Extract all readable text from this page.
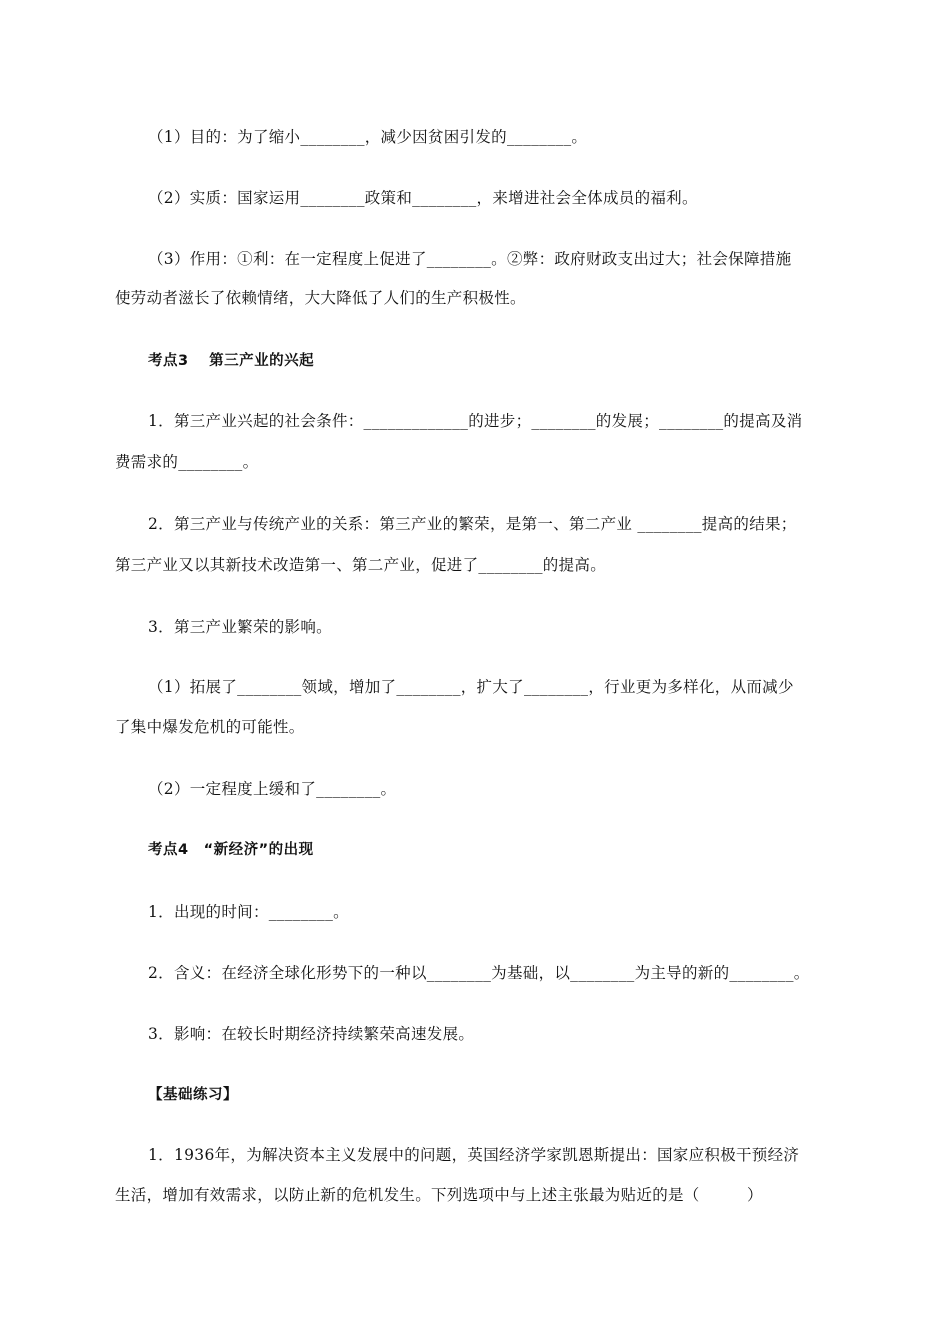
（1）目的：为了缩小________，减少因贫困引发的________。
（2）实质：国家运用________政策和________，来增进社会全体成员的福利。
（3）作用：①利：在一定程度上促进了________。②弊：政府财政支出过大；社会保障措施
使劳动者滋长了依赖情绪，大大降低了人们的生产积极性。
考点3　 第三产业的兴起
1．第三产业兴起的社会条件：_____________的进步；________的发展；________的提高及消
费需求的________。
2．第三产业与传统产业的关系：第三产业的繁荣，是第一、第二产业 ________提高的结果；
第三产业又以其新技术改造第一、第二产业，促进了________的提高。
3．第三产业繁荣的影响。
（1）拓展了________领域，增加了________，扩大了________，行业更为多样化，从而减少
了集中爆发危机的可能性。
（2）一定程度上缓和了________。
考点4　“新经济”的出现
1．出现的时间：________。
2．含义：在经济全球化形势下的一种以________为基础，以________为主导的新的________。
3．影响：在较长时期经济持续繁荣高速发展。
【基础练习】
1．1936年，为解决资本主义发展中的问题，英国经济学家凯恩斯提出：国家应积极干预经济
生活，增加有效需求，以防止新的危机发生。下列选项中与上述主张最为贴近的是（　　　）
